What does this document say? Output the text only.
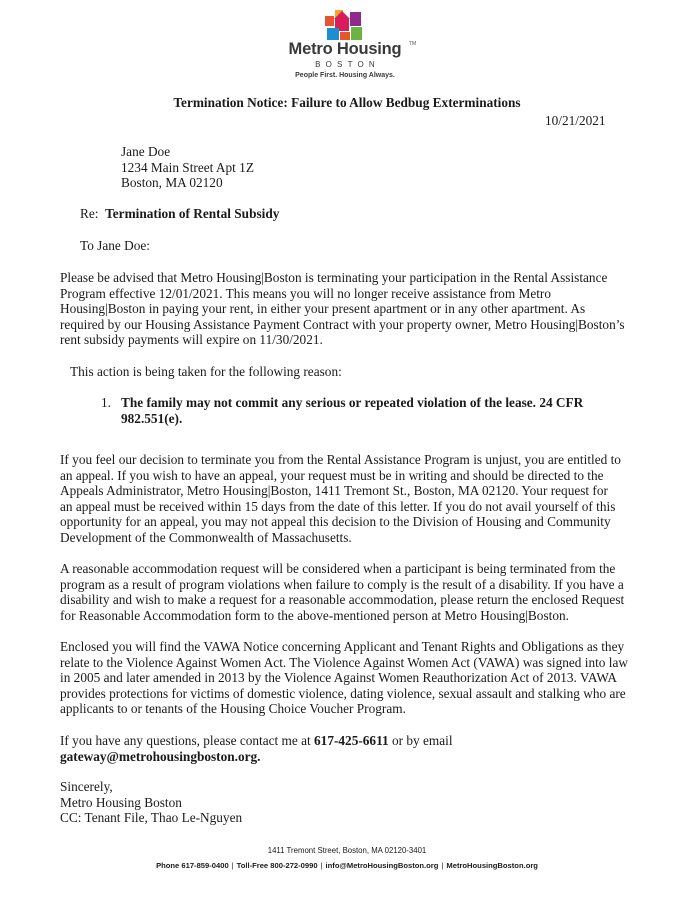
Metro Housing	TM
BOSTON
People First. Housing Always.
Termination Notice: Failure to Allow Bedbug Exterminations
10/21/2021
Jane Doe
1234 Main Street Apt 1Z
Boston, MA 02120
Re: Termination of Rental Subsidy
To Jane Doe:
Please be advised that Metro Housing|Boston is terminating your participation in the Rental Assistance
Program effective 12/01/2021. This means you will no longer receive assistance from Metro
Housing|Boston in paying your rent, in either your present apartment or in any other apartment. As
required by our Housing Assistance Payment Contract with your property owner, Metro Housing|Boston’s
rent subsidy payments will expire on 11/30/2021.
This action is being taken for the following reason:
1. The family may not commit any serious or repeated violation of the lease. 24 CFR
982.551(e).
If you feel our decision to terminate you from the Rental Assistance Program is unjust, you are entitled to
an appeal. If you wish to have an appeal, your request must be in writing and should be directed to the
Appeals Administrator, Metro Housing|Boston, 1411 Tremont St., Boston, MA 02120. Your request for
an appeal must be received within 15 days from the date of this letter. If you do not avail yourself of this
opportunity for an appeal, you may not appeal this decision to the Division of Housing and Community
Development of the Commonwealth of Massachusetts.
A reasonable accommodation request will be considered when a participant is being terminated from the
program as a result of program violations when failure to comply is the result of a disability. If you have a
disability and wish to make a request for a reasonable accommodation, please return the enclosed Request
for Reasonable Accommodation form to the above-mentioned person at Metro Housing|Boston.
Enclosed you will find the VAWA Notice concerning Applicant and Tenant Rights and Obligations as they
relate to the Violence Against Women Act. The Violence Against Women Act (VAWA) was signed into law
in 2005 and later amended in 2013 by the Violence Against Women Reauthorization Act of 2013. VAWA
provides protections for victims of domestic violence, dating violence, sexual assault and stalking who are
applicants to or tenants of the Housing Choice Voucher Program.
If you have any questions, please contact me at 617-425-6611 or by email
gateway@metrohousingboston.org.
Sincerely,
Metro Housing Boston
CC: Tenant File, Thao Le-Nguyen
1411 Tremont Street, Boston, MA 02120-3401
Phone 617-859-0400 | Toll-Free 800-272-0990 | info@MetroHousingBoston.org | MetroHousingBoston.org
